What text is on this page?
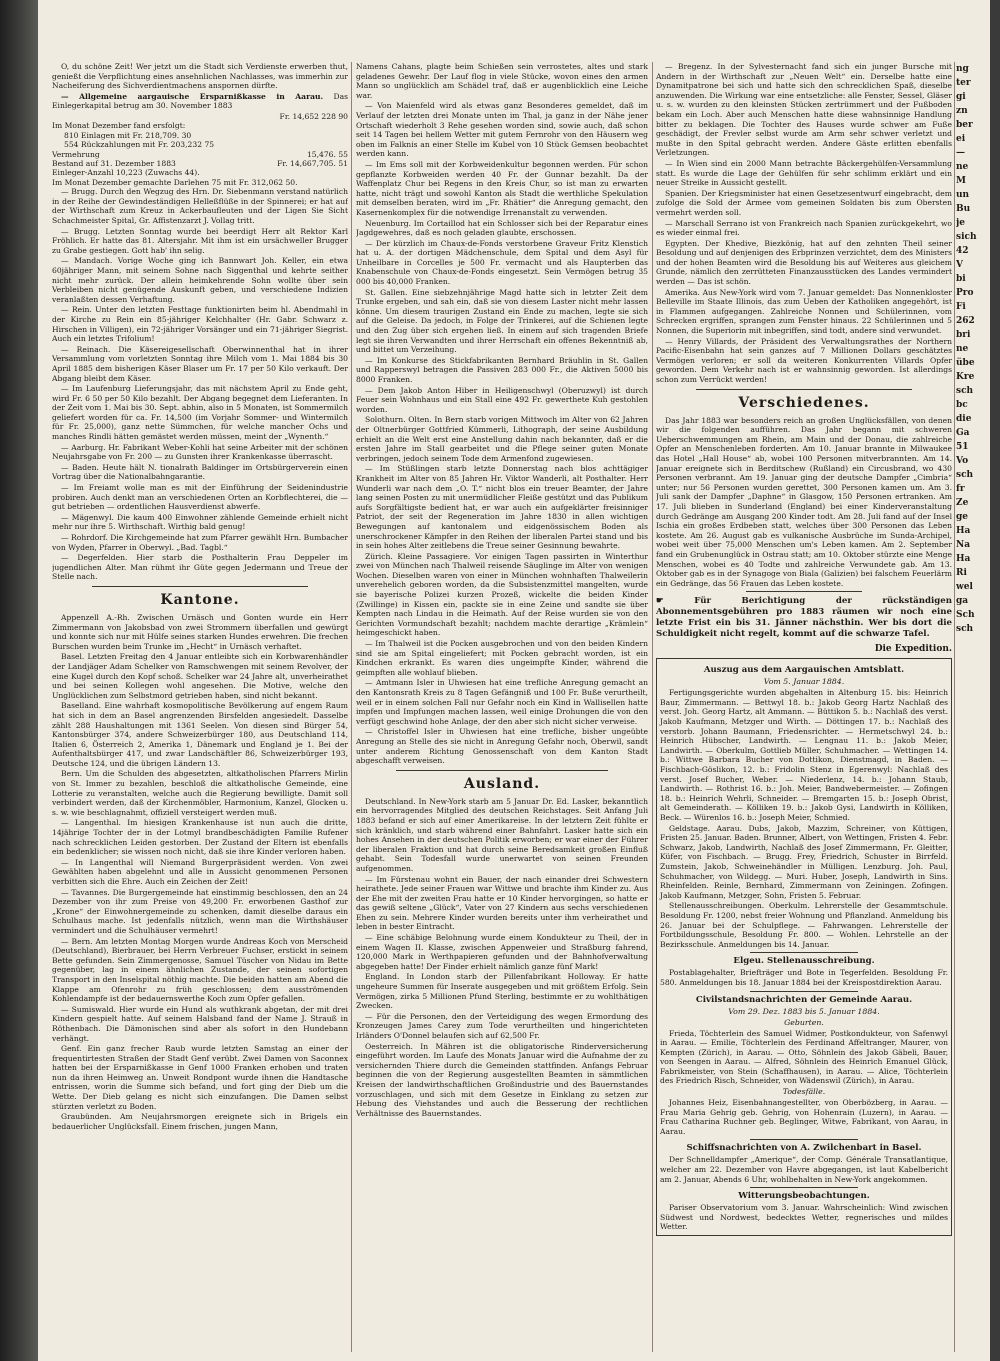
O, du schöne Zeit! Wer jetzt um die Stadt sich Verdienste erwerben thut, genießt die Verpflichtung eines ansehnlichen Nachlasses, was immerhin zur Nacheiferung des Sichverdientmachens anspornen dürfte.

— Allgemeine aargauische Ersparnißkasse in Aarau. Das Einlegerkapital betrug am 30. November 1883

Fr. 14,652 228 90
Im Monat Dezember fand ersfolgt:
810 Einlagen mit Fr. 218,709. 30
554 Rückzahlungen mit Fr. 203,232 75
Vermehrung	15,476. 55
Bestand auf 31. Dezember 1883	Fr. 14,667,705. 51
Einleger-Anzahl 10,223 (Zuwachs 44).
Im Monat Dezember gemachte Darlehen 75 mit Fr. 312,062 50.

— Brugg. Durch den Wegzug des Hrn. Dr. Siebenmann verstand natürlich in der Reihe der Gewindeständigen Helleßflüße in der Spinnerei; er hat auf der Wirthschaft zum Kreuz in Ackerbaufleuten und der Ligen Sie Sicht Schachmeister Spital, Gr. Affistenzarzt J. Vollag tritt.

— Brugg. Letzten Sonntag wurde bei beerdigt Herr alt Rektor Karl Fröhlich. Er hatte das 81. Altersjahr. Mit ihm ist ein ursächweller Brugger zu Grabe gestiegen. Gott hab' ihn selig.

— Mandach. Vorige Woche ging ich Bannwart Joh. Keller, ein etwa 60jähriger Mann, mit seinem Sohne nach Siggenthal und kehrte seither nicht mehr zurück. Der allein heimkehrende Sohn wollte über sein Verbleiben nicht genügende Auskunft geben, und verschiedene Indizien veranlaßten dessen Verhaftung.

— Rein. Unter den letzten Festtage funktionirten beim hl. Abendmahl in der Kirche zu Rein ein 85-jähriger Kelchhalter (Hr. Gabr. Schwarz z. Hirschen in Villigen), ein 72-jähriger Vorsänger und ein 71-jähriger Siegrist. Auch ein letztes Trifolium!

— Reinach. Die Käsereigesellschaft Oberwinnenthal hat in ihrer Versammlung vom vorletzten Sonntag ihre Milch vom 1. Mai 1884 bis 30 April 1885 dem bisherigen Käser Blaser um Fr. 17 per 50 Kilo verkauft. Der Abgang bleibt dem Käser.

— Im Laufenburg Lieferungsjahr, das mit nächstem April zu Ende geht, wird Fr. 6 50 per 50 Kilo bezahlt. Der Abgang begegnet dem Lieferanten. In der Zeit vom 1. Mai bis 30. Sept. abhin, also in 5 Monaten, ist Sommermilch geliefert worden für ca. Fr. 14,500 (im Vorjahr Sommer- und Wintermilch für Fr. 25,000), ganz nette Sümmchen, für welche mancher Ochs und manches Rindli hätten gemästet werden müssen, meint der „Wynenth.“

— Aarburg. Hr. Fabrikant Weber-Kohli hat seine Arbeiter mit der schönen Neujahrsgabe von Fr. 200 — zu Gunsten ihrer Krankenkasse überrascht.

— Baden. Heute hält N. tionalrath Baldinger im Ortsbürgerverein einen Vortrag über die Nationalbahngarantie.

— Im Freiamt wolle man es mit der Einführung der Seidenindustrie probiren. Auch denkt man an verschiedenen Orten an Korbflechterei, die — gut betrieben — ordentlichen Hausverdienst abwerfe.

— Mägenwyl. Die kaum 400 Einwohner zählende Gemeinde erhielt nicht mehr nur ihre 5. Wirthschaft. Wirthig bald genug!

— Rohrdorf. Die Kirchgemeinde hat zum Pfarrer gewählt Hrn. Bumbacher von Wyden, Pfarrer in Oberwyl. „Bad. Tagbl.“

— Degerfelden. Hier starb die Posthalterin Frau Deppeler im jugendlichen Alter. Man rühmt ihr Güte gegen Jedermann und Treue der Stelle nach.

Kantone.

Appenzell A.-Rh. Zwischen Urnäsch und Gonten wurde ein Herr Zimmermann von Jakobsbad von zwei Strommern überfallen und gewürgt und konnte sich nur mit Hülfe seines starken Hundes erwehren. Die frechen Burschen wurden beim Trunke im „Hecht“ in Urnäsch verhaftet.

Basel. Letzten Freitag den 4 Januar entleibte sich ein Korbwarenhändler der Landjäger Adam Schelker von Ramschwengen mit seinem Revolver, der eine Kugel durch den Kopf schoß. Schelker war 24 Jahre alt, unverheirathet und bei seinen Kollegen wohl angesehen. Die Motive, welche den Unglücklichen zum Selbstmord getrieben haben, sind nicht bekannt.

Baselland. Eine wahrhaft kosmopolitische Bevölkerung auf engem Raum hat sich in dem an Basel angrenzenden Birsfelden angesiedelt. Dasselbe zählt 288 Haushaltungen mit 1361 Seelen. Von diesen sind Bürger 54, Kantonsbürger 374, andere Schweizerbürger 180, aus Deutschland 114, Italien 6, Österreich 2, Amerika 1, Dänemark und England je 1. Bei der Aufenthaltsbürger 417, und zwar Landschäftler 86, Schweizerbürger 193, Deutsche 124, und die übrigen Ländern 13.

Bern. Um die Schulden des abgesetzten, altkatholischen Pfarrers Mirlin von St. Immer zu bezahlen, beschloß die altkatholische Gemeinde, eine Lotterie zu veranstalten, welche auch die Regierung bewilligte. Damit soll verbindert werden, daß der Kirchenmöbler, Harmonium, Kanzel, Glocken u. s. w. wie beschlagnahmt, offiziell versteigert werden muß.

— Langenthal. Im hiesigen Krankenhause ist nun auch die dritte, 14jährige Tochter der in der Lotmyl brandbeschädigten Familie Rufener nach schrecklichen Leiden gestorben. Der Zustand der Eltern ist ebenfalls ein bedenklicher; sie wissen noch nicht, daß sie ihre Kinder verloren haben.

— In Langenthal will Niemand Burgerpräsident werden. Von zwei Gewählten haben abgelehnt und alle in Aussicht genommenen Personen verbitten sich die Ehre. Auch ein Zeichen der Zeit!

— Tavannes. Die Burgergemeinde hat einstimmig beschlossen, den an 24 Dezember von ihr zum Preise von 49,200 Fr. erworbenen Gasthof zur „Krone“ der Einwohnergemeinde zu schenken, damit dieselbe daraus ein Schulhaus mache. Ist jedenfalls nützlich, wenn man die Wirthshäuser vermindert und die Schulhäuser vermehrt!

— Bern. Am letzten Montag Morgen wurde Andreas Koch von Merscheid (Deutschland), Bierbrauer, bei Herrn Verbreuer Fuchser, erstickt in seinem Bette gefunden. Sein Zimmergenosse, Samuel Tüscher von Nidau im Bette gegenüber, lag in einem ähnlichen Zustande, der seinen sofortigen Transport in den Inselspital nöthig machte. Die beiden hatten am Abend die Klappe am Ofenrohr zu früh geschlossen; dem ausströmenden Kohlendampfe ist der bedauernswerthe Koch zum Opfer gefallen.

— Sumiswald. Hier wurde ein Hund als wuthkrank abgetan, der mit drei Kindern gespielt hatte. Auf seinem Halsband fand der Name J. Strauß in Röthenbach. Die Dämonischen sind aber als sofort in den Hundebann verhängt.

Genf. Ein ganz frecher Raub wurde letzten Samstag an einer der frequentirtesten Straßen der Stadt Genf verübt. Zwei Damen von Saconnex hatten bei der Ersparnißkasse in Genf 1000 Franken erhoben und traten nun da ihren Heimweg an. Unweit Rondpont wurde ihnen die Handtasche entrissen, worin die Summe sich befand, und fort ging der Dieb um die Wette. Der Dieb gelang es nicht sich einzufangen. Die Damen selbst stürzten verletzt zu Boden.

Graubünden. Am Neujahrsmorgen ereignete sich in Brigels ein bedauerlicher Unglücksfall. Einem frischen, jungen Mann,

Namens Cahans, plagte beim Schießen sein verrostetes, altes und stark geladenes Gewehr. Der Lauf flog in viele Stücke, wovon eines den armen Mann so unglücklich am Schädel traf, daß er augenblicklich eine Leiche war.

— Von Maienfeld wird als etwas ganz Besonderes gemeldet, daß im Verlauf der letzten drei Monate unten im Thal, ja ganz in der Nähe jener Ortschaft wiederholt 3 Rehe gesehen worden sind, sowie auch, daß schon seit 14 Tagen bei hellem Wetter mit gutem Fernrohr von den Häusern weg oben im Falknis an einer Stelle im Kubel von 10 Stück Gemsen beobachtet werden kann.

— Im Ems soll mit der Korbweidenkultur begonnen werden. Für schon gepflanzte Korbweiden werden 40 Fr. der Gunnar bezahlt. Da der Waffenplatz Chur bei Regens in den Kreis Chur, so ist man zu erwarten hatte, nicht trägt und sowohl Kanton als Stadt die werthliche Spekulation mit demselben beraten, wird im „Fr. Rhätier“ die Anregung gemacht, den Kasernenkomplex für die notwendige Irrenanstalt zu verwenden.

Neuenburg. Im Cortaillod hat ein Schlosser sich bei der Reparatur eines Jagdgewehres, daß es noch geladen glaubte, erschossen.

— Der kürzlich im Chaux-de-Fonds verstorbene Graveur Fritz Klenstich hat u. A. der dortigen Mädchenschule, dem Spital und dem Asyl für Unheilbare in Corcelles je 500 Fr. vermacht und als Haupterben das Knabenschule von Chaux-de-Fonds eingesetzt. Sein Vermögen betrug 35 000 bis 40,000 Franken.

St. Gallen. Eine siebzehnjährige Magd hatte sich in letzter Zeit dem Trunke ergeben, und sah ein, daß sie von diesem Laster nicht mehr lassen könne. Um diesem traurigen Zustand ein Ende zu machen, legte sie sich auf die Geleise. Da jedoch, in Folge der Trinkerei, auf die Schienen legte und den Zug über sich ergehen ließ. In einem auf sich tragenden Briefe legt sie ihren Verwandten und ihrer Herrschaft ein offenes Bekenntniß ab, und bittet um Verzeihung.

— Im Konkurse des Stickfabrikanten Bernhard Bräuhlin in St. Gallen und Rapperswyl betragen die Passiven 283 000 Fr., die Aktiven 5000 bis 8000 Franken.

— Dem Jakob Anton Hiber in Heiligenschwyl (Oberuzwyl) ist durch Feuer sein Wohnhaus und ein Stall eine 492 Fr. gewerthete Kuh gestohlen worden.

Solothurn. Olten. In Bern starb vorigen Mittwoch im Alter von 62 Jahren der Oltnerbürger Gottfried Kümmerli, Lithograph, der seine Ausbildung erhielt an die Welt erst eine Anstellung dahin nach bekannter, daß er die ersten Jahre im Stall gearbeitet und die Pflege seiner guten Monate verbringen, jedoch seinem Tode dem Armenfond zugewiesen.

— Im Stüßlingen starb letzte Donnerstag nach blos achttägiger Krankheit im Alter von 85 Jahren Hr. Viktor Wanderli, alt Posthalter. Herr Wunderli war nach dem „O. T.“ nicht blos ein treuer Beamter, der Jahre lang seinen Posten zu mit unermüdlicher Fleiße gestützt und das Publikum aufs Sorgfältigste bedient hat, er war auch ein aufgeklärter freisinniger Patriot, der seit der Regeneration im Jahre 1830 in allen wichtigen Bewegungen auf kantonalem und eidgenössischem Boden als unerschrockener Kämpfer in den Reihen der liberalen Partei stand und bis in sein hohes Alter zeitlebens die Treue seiner Gesinnung bewahrte.

Zürich. Kleine Passagiere. Vor einigen Tagen passirten in Winterthur zwei von München nach Thalweil reisende Säuglinge im Alter von wenigen Wochen. Dieselben waren von einer in München wohnhaften Thalweilerin unverehelich geboren worden, da die Subsistenzmittel mangelten, wurde sie bayerische Polizei kurzen Prozeß, wickelte die beiden Kinder (Zwillinge) in Kissen ein, packte sie in eine Zeine und sandte sie über Kempten nach Lindau in die Heimath. Auf der Reise wurden sie von den Gerichten Vormundschaft bezahlt; nachdem machte derartige „Krämlein“ heimgeschickt haben.

— Im Thalweil ist die Pocken ausgebrochen und von den beiden Kindern sind sie am Spital eingeliefert; mit Pocken gebracht worden, ist ein Kindchen erkrankt. Es waren dies ungeimpfte Kinder, während die geimpften alle wohlauf blieben.

— Amtmann Isler in Uhwiesen hat eine trefliche Anregung gemacht an den Kantonsrath Kreis zu 8 Tagen Gefängniß und 100 Fr. Buße verurtheilt, weil er in einem solchen Fall nur Gefahr noch ein Kind in Wallisellen hatte impfen und Impfungen machen lassen, weil einige Drohungen die von den verfügt geschwind hohe Anlage, der den aber sich nicht sicher verweise.

— Christoffel Isler in Uhwiesen hat eine trefliche, bisher ungeübte Anregung an Stelle des sie nicht in Anregung Gefahr noch, Oberwil, sandt unter anderem Richtung Genossenschaft von dem Kanton Stadt abgeschafft verweisen.

Ausland.

Deutschland. In New-York starb am 5 Januar Dr. Ed. Lasker, bekanntlich ein hervorragendes Mitglied des deutschen Reichstages. Seit Anfang Juli 1883 befand er sich auf einer Amerikareise. In der letztern Zeit fühlte er sich kränklich, und starb während einer Bahnfahrt. Lasker hatte sich ein hohes Ansehen in der deutschen Politik erworben; er war einer der Führer der liberalen Fraktion und hat durch seine Beredsamkeit großen Einfluß gehabt. Sein Todesfall wurde unerwartet von seinen Freunden aufgenommen.

— Im Fürstenau wohnt ein Bauer, der nach einander drei Schwestern heirathete. Jede seiner Frauen war Wittwe und brachte ihm Kinder zu. Aus der Ehe mit der zweiten Frau hatte er 10 Kinder hervorgingen, so hatte er das gewiß seltene „Glück“, Vater von 27 Kindern aus sechs verschiedenen Ehen zu sein. Mehrere Kinder wurden bereits unter ihm verheirathet und leben in bester Eintracht.

— Eine schäbige Belohnung wurde einem Kondukteur zu Theil, der in einem Wagen II. Klasse, zwischen Appenweier und Straßburg fahrend, 120,000 Mark in Werthpapieren gefunden und der Bahnhofverwaltung abgegeben hatte! Der Finder erhielt nämlich ganze fünf Mark!

England. In London starb der Pillenfabrikant Holloway. Er hatte ungeheure Summen für Inserate ausgegeben und mit größtem Erfolg. Sein Vermögen, zirka 5 Millionen Pfund Sterling, bestimmte er zu wohlthätigen Zwecken.

— Für die Personen, den der Verteidigung des wegen Ermordung des Kronzeugen James Carey zum Tode verurtheilten und hingerichteten Irländers O'Donnel belaufen sich auf 62,500 Fr.

Oesterreich. In Mähren ist die obligatorische Rinderversicherung eingeführt worden. Im Laufe des Monats Januar wird die Aufnahme der zu versichernden Thiere durch die Gemeinden stattfinden. Anfangs Februar beginnen die von der Regierung ausgestellten Beamten in sämmtlichen Kreisen der landwirthschaftlichen Großindustrie und des Bauernstandes vorzuschlagen, und sich mit dem Gesetze in Einklang zu setzen zur Hebung des Viehstandes und auch die Besserung der rechtlichen Verhältnisse des Bauernstandes.

— Bregenz. In der Sylvesternacht fand sich ein junger Bursche mit Andern in der Wirthschaft zur „Neuen Welt“ ein. Derselbe hatte eine Dynamitpatrone bei sich und hatte sich den schrecklichen Spaß, dieselbe anzuwenden. Die Wirkung war eine entsetzliche: alle Fenster, Sessel, Gläser u. s. w. wurden zu den kleinsten Stücken zertrümmert und der Fußboden bekam ein Loch. Aber auch Menschen hatte diese wahnsinnige Handlung bitter zu beklagen. Die Tochter des Hauses wurde schwer am Fuße geschädigt, der Frevler selbst wurde am Arm sehr schwer verletzt und mußte in den Spital gebracht werden. Andere Gäste erlitten ebenfalls Verletzungen.

— In Wien sind ein 2000 Mann betrachte Bäckergehülfen-Versammlung statt. Es wurde die Lage der Gehülfen für sehr schlimm erklärt und ein neuer Streike in Aussicht gestellt.

Spanien. Der Kriegsminister hat einen Gesetzesentwurf eingebracht, dem zufolge die Sold der Armee vom gemeinen Soldaten bis zum Obersten vermehrt werden soll.

— Marschall Serrano ist von Frankreich nach Spanien zurückgekehrt, wo es wieder einmal frei.

Egypten. Der Khedive, Biezkönig, hat auf den zehnten Theil seiner Besoldung und auf denjenigen des Erbprinzen verzichtet, dem des Ministers und der hohen Beamten wird die Besoldung bis auf Weiteres aus gleichem Grunde, nämlich den zerrütteten Finanzausstücken des Landes vermindert werden — Das ist schön.

Amerika. Aus New-York wird vom 7. Januar gemeldet: Das Nonnenkloster Belleville im Staate Illinois, das zum Ueben der Katholiken angegehört, ist in Flammen aufgegangen. Zahlreiche Nonnen und Schülerinnen, vom Schrecken ergriffen, sprangen zum Fenster hinaus. 22 Schülerinnen und 5 Nonnen, die Superiorin mit inbegriffen, sind todt, andere sind verwundet.

— Henry Villards, der Präsident des Verwaltungsrathes der Northern Pacific-Eisenbahn hat sein ganzes auf 7 Millionen Dollars geschätztes Vermögen verloren; er soll da weiteren Konkurrenten Villards Opfer geworden. Dem Verkehr nach ist er wahnsinnig geworden. Ist allerdings schon zum Verrückt werden!

Verschiedenes.

Das Jahr 1883 war besonders reich an großen Unglücksfällen, von denen wir die folgenden aufführen. Das Jahr begann mit schweren Ueberschwemmungen am Rhein, am Main und der Donau, die zahlreiche Opfer an Menschenleben forderten. Am 10. Januar brannte in Milwaukee das Hotel „Hall House“ ab, wobei 100 Personen mitverbrannten. Am 14. Januar ereignete sich in Berditschew (Rußland) ein Circusbrand, wo 430 Personen verbrannt. Am 19. Januar ging der deutsche Dampfer „Cimbria“ unter; nur 56 Personen wurden gerettet, 300 Personen kamen um. Am 3. Juli sank der Dampfer „Daphne“ in Glasgow, 150 Personen ertranken. Am 17. Juli blieben in Sunderland (England) bei einer Kinderveranstaltung durch Gedränge am Ausgang 200 Kinder todt. Am 28. Juli fand auf der Insel Ischia ein großes Erdbeben statt, welches über 300 Personen das Leben kostete. Am 26. August gab es vulkanische Ausbrüche im Sunda-Archipel, wobei weit über 75,000 Menschen um's Leben kamen. Am 2. September fand ein Grubenunglück in Ostrau statt; am 10. Oktober stürzte eine Menge Menschen, wobei es 40 Todte und zahlreiche Verwundete gab. Am 13. Oktober gab es in der Synagoge von Biala (Galizien) bei falschem Feuerlärm ein Gedränge, das 56 Frauen das Leben kostete.

☛ Für Berichtigung der rückständigen Abonnementsgebühren pro 1883 räumen wir noch eine letzte Frist ein bis 31. Jänner nächsthin. Wer bis dort die Schuldigkeit nicht regelt, kommt auf die schwarze Tafel.
Die Expedition.
Auszug aus dem Aargauischen Amtsblatt.
Vom 5. Januar 1884.

Fertigungsgerichte wurden abgehalten in Altenburg 15. bis: Heinrich Baur, Zimmermann. — Bettwyl 18. b.: Jakob Georg Hartz Nachlaß des verst. Joh. Georg Hartz, alt Ammann. — Büttikon 5. b.: Nachlaß des verst. Jakob Kaufmann, Metzger und Wirth. — Döttingen 17. b.: Nachlaß des verstorb. Johann Baumann, Friedensrichter. — Hermetschwyl 24. b.: Heinrich Hübscher, Landwirth. — Lengnau 11. b.: Jakob Meier, Landwirth. — Oberkulm, Gottlieb Müller, Schuhmacher. — Wettingen 14. b.: Wittwe Barbara Bucher von Dottikon, Dienstmagd, in Baden. — Fischbach-Göslikon, 12. b.: Fridolin Stenz in Egerenwyl: Nachlaß des verst. Josef Bucher, Weber. — Niederlenz, 14. b.: Johann Staub, Landwirth. — Rothrist 16. b.: Joh. Meier, Bandwebermeister. — Zofingen 18. b.: Heinrich Wehrli, Schneider. — Bremgarten 15. b.: Joseph Obrist, alt Gemeinderath. — Kölliken 19. b.: Jakob Gysi, Landwirth in Kölliken, Beck. — Würenlos 16. b.: Joseph Meier, Schmied.

Geldstage. Aarau. Dubs, Jakob, Mazzim, Schreiner, von Küttigen, Fristen 25. Januar. Baden. Brunner, Albert, von Wettingen, Fristen 4. Febr. Schwarz, Jakob, Landwirth, Nachlaß des Josef Zimmermann, Fr. Gleitter, Küfer, von Fischbach. — Brugg. Frey, Friedrich, Schuster in Birrfeld. Zumstein, Jakob, Schweinehändler in Mülligen. Lenzburg. Joh. Paul, Schuhmacher, von Wildegg. — Muri. Huber, Joseph, Landwirth in Sins. Rheinfelden. Reinle, Bernhard, Zimmermann von Zeiningen. Zofingen. Jakob Kaufmann, Metzger, Sohn, Fristen 5. Februar.

Stellenausschreibungen. Oberkulm. Lehrerstelle der Gesammtschule. Besoldung Fr. 1200, nebst freier Wohnung und Pflanzland. Anmeldung bis 26. Januar bei der Schulpflege. — Fahrwangen. Lehrerstelle der Fortbildungsschule, Besoldung Fr. 800. — Wohlen. Lehrstelle an der Bezirksschule. Anmeldungen bis 14. Januar.

Elgeu. Stellenausschreibung.

Postablagehalter, Briefträger und Bote in Tegerfelden. Besoldung Fr. 580. Anmeldungen bis 18. Januar 1884 bei der Kreispostdirektion Aarau.

Civilstandsnachrichten der Gemeinde Aarau.
Vom 29. Dez. 1883 bis 5. Januar 1884.
Geburten.

Frieda, Töchterlein des Samuel Widmer, Postkondukteur, von Safenwyl in Aarau. — Emilie, Töchterlein des Ferdinand Affeltranger, Maurer, von Kempten (Zürich), in Aarau. — Otto, Söhnlein des Jakob Gäbeli, Bauer, von Seengen in Aarau. — Alfred, Söhnlein des Heinrich Emanuel Glück, Fabrikmeister, von Stein (Schaffhausen), in Aarau. — Alice, Töchterlein des Friedrich Risch, Schneider, von Wädenswil (Zürich), in Aarau.

Todesfälle.

Johannes Heiz, Eisenbahnangestellter, von Oberbözberg, in Aarau. — Frau Maria Gehrig geb. Gehrig, von Hohenrain (Luzern), in Aarau. — Frau Catharina Ruchner geb. Beglinger, Witwe, Fabrikant, von Aarau, in Aarau.

Schiffsnachrichten von A. Zwilchenbart in Basel.

Der Schnelldampfer „Amerique“, der Comp. Générale Transatlantique, welcher am 22. Dezember von Havre abgegangen, ist laut Kabelbericht am 2. Januar, Abends 6 Uhr, wohlbehalten in New-York angekommen.

Witterungsbeobachtungen.

Pariser Observatorium vom 3. Januar. Wahrscheinlich: Wind zwischen Südwest und Nordwest, bedecktes Wetter, regnerisches und mildes Wetter.

ng
ter
gi
zn
ber
ei
—
ne
M
un
Bu
je
sich
42
V
bi
Pro
Fi
262
bri
ne
übe
Kre
sch
bc
die
Ga
51
Vo
sch
fr
Ze
ge
Ha
Na
Ha
Ri
wel
ga
Sch
sch
